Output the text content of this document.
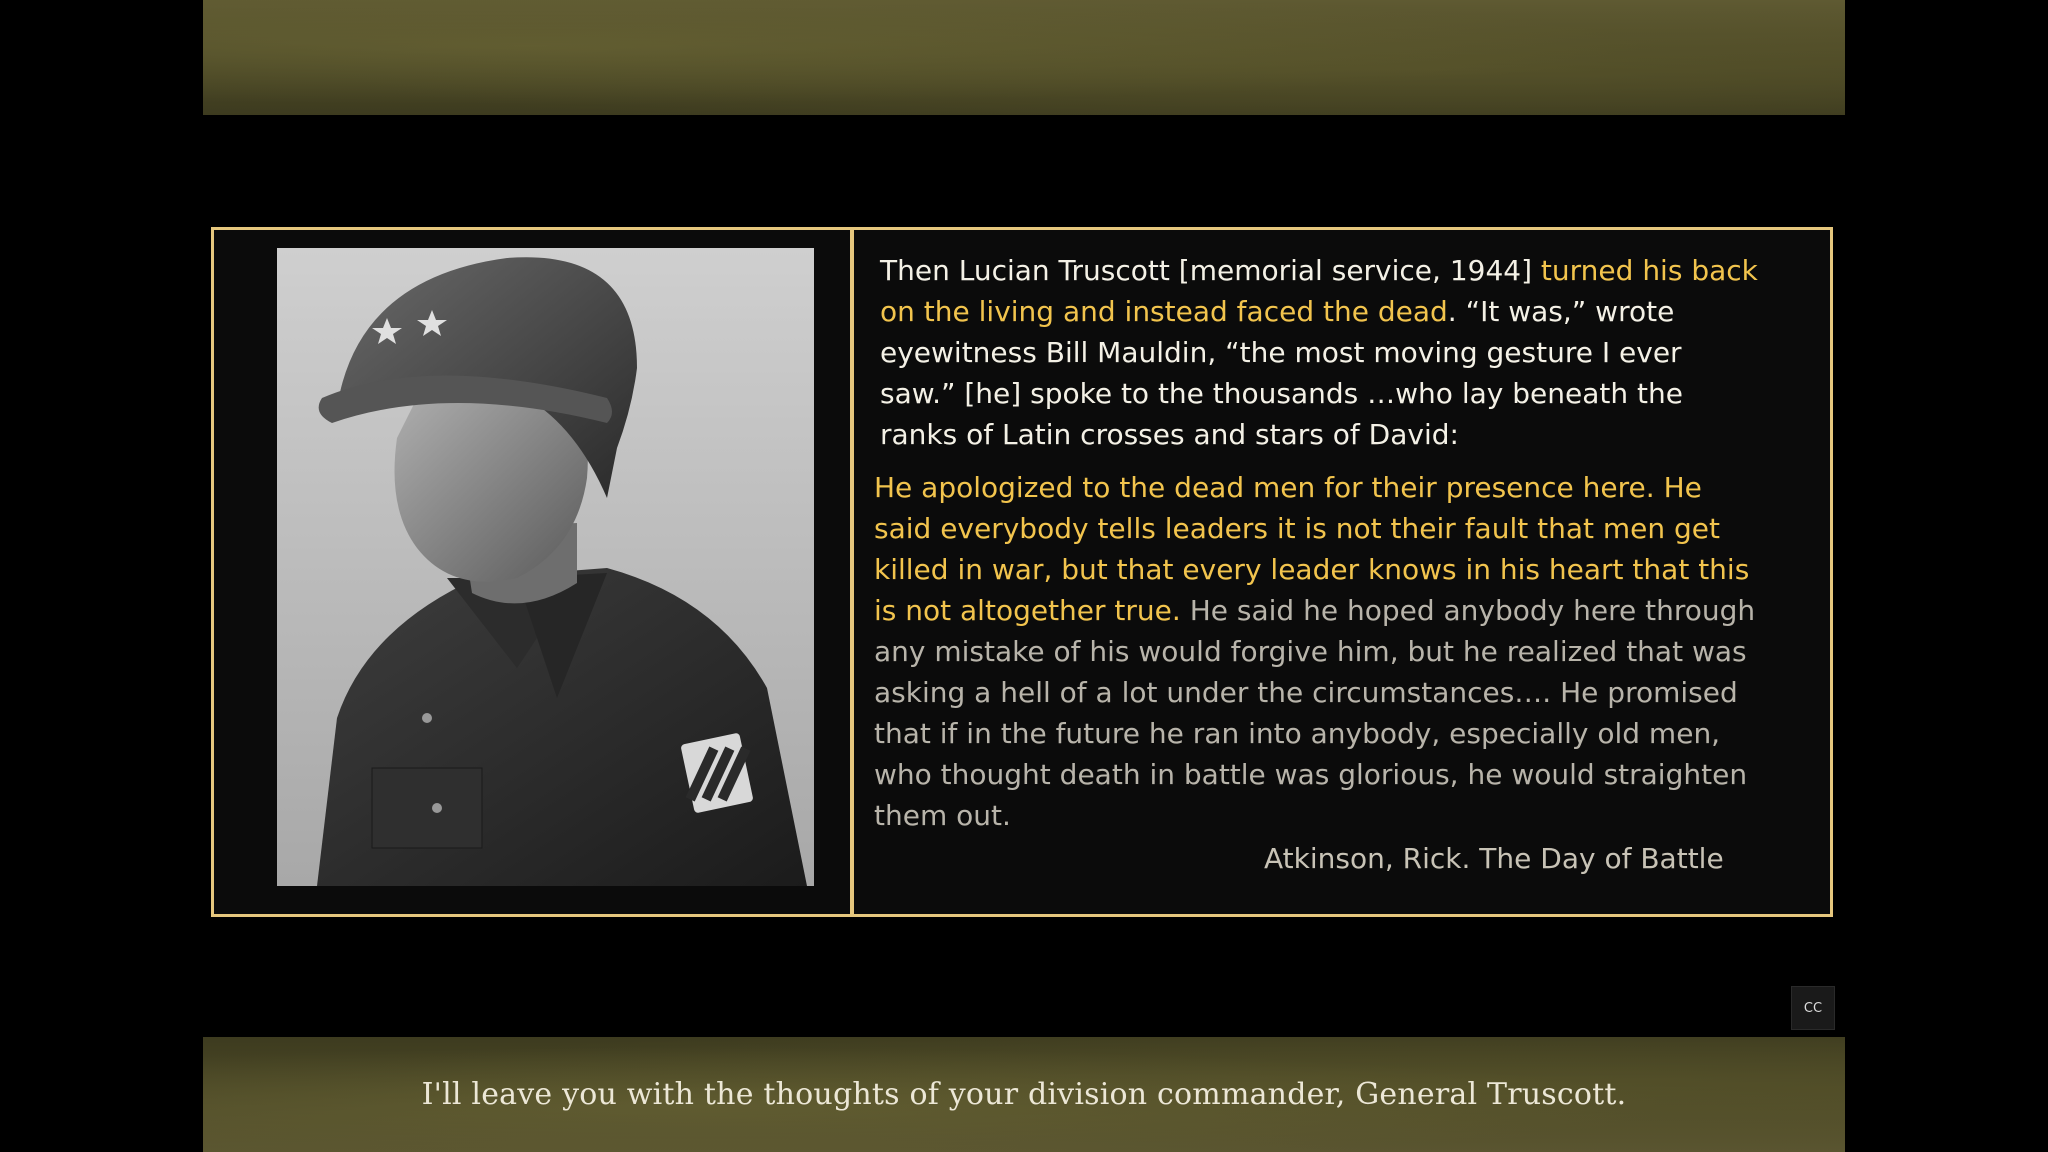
Then Lucian Truscott [memorial service, 1944] turned his back on the living and instead faced the dead. “It was,” wrote eyewitness Bill Mauldin, “the most moving gesture I ever saw.” [he] spoke to the thousands …who lay beneath the ranks of Latin crosses and stars of David:

He apologized to the dead men for their presence here. He said everybody tells leaders it is not their fault that men get killed in war, but that every leader knows in his heart that this is not altogether true. He said he hoped anybody here through any mistake of his would forgive him, but he realized that was asking a hell of a lot under the circumstances…. He promised that if in the future he ran into anybody, especially old men, who thought death in battle was glorious, he would straighten them out.

Atkinson, Rick. The Day of Battle
CC
I'll leave you with the thoughts of your division commander, General Truscott.
